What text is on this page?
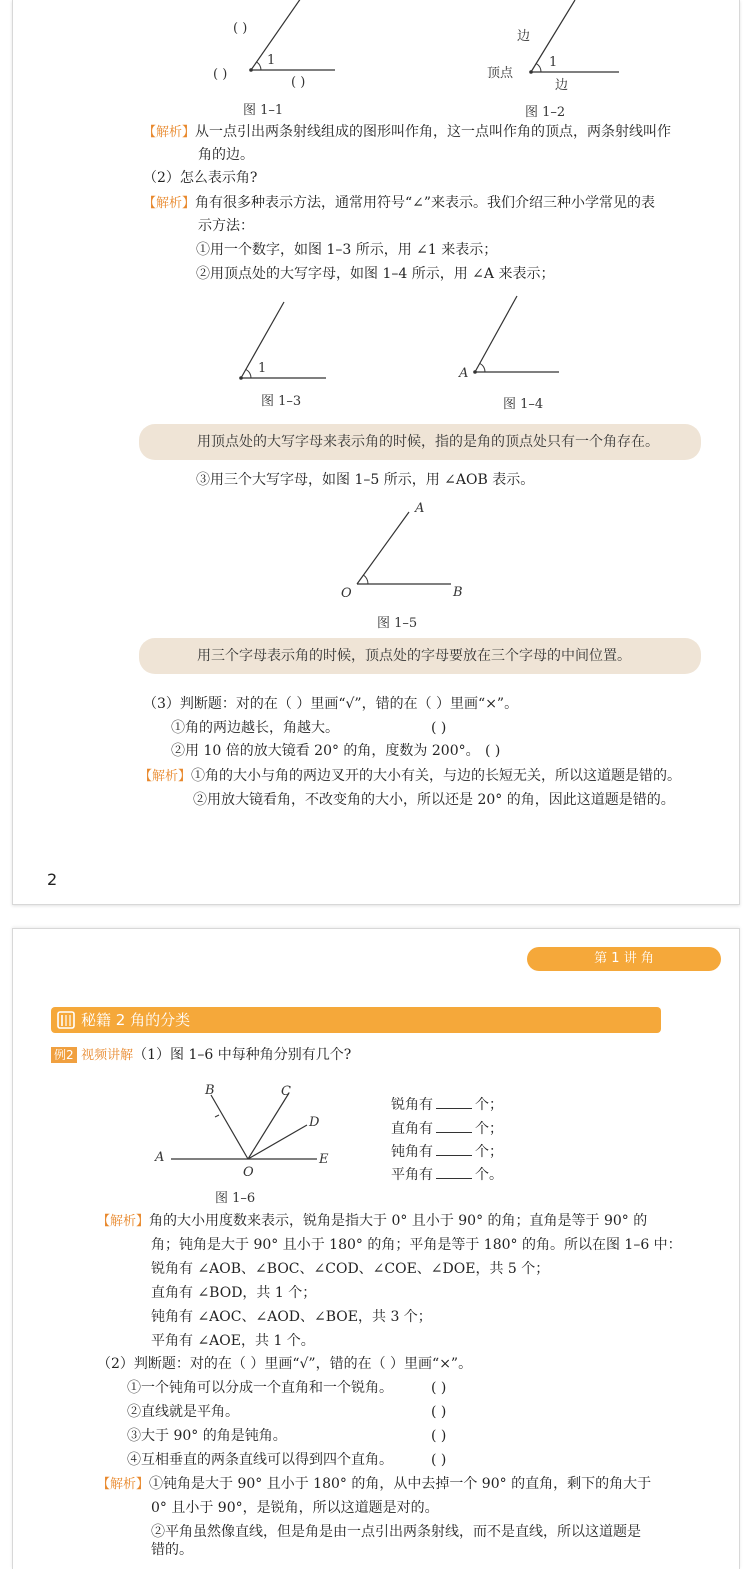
( )
( )
( )
1
图 1–1
边
顶点
1
边
图 1–2
【解析】从一点引出两条射线组成的图形叫作角，这一点叫作角的顶点，两条射线叫作
角的边。
（2）怎么表示角?
【解析】角有很多种表示方法，通常用符号“∠”来表示。我们介绍三种小学常见的表
示方法：
①用一个数字，如图 1–3 所示，用 ∠1 来表示；
②用顶点处的大写字母，如图 1–4 所示，用 ∠A 来表示；
1
图 1–3
A
图 1–4
用顶点处的大写字母来表示角的时候，指的是角的顶点处只有一个角存在。
③用三个大写字母，如图 1–5 所示，用 ∠AOB 表示。
A
O	B
图 1–5
用三个字母表示角的时候，顶点处的字母要放在三个字母的中间位置。
（3）判断题：对的在（ ）里画“√”，错的在（ ）里画“×”。
①角的两边越长，角越大。	( )
②用 10 倍的放大镜看 20° 的角，度数为 200°。 ( )
【解析】①角的大小与角的两边叉开的大小有关，与边的长短无关，所以这道题是错的。
②用放大镜看角，不改变角的大小，所以还是 20° 的角，因此这道题是错的。
2
第 1 讲 角
秘籍 2 角的分类
例2 视频讲解（1）图 1–6 中每种角分别有几个?
A
B	C
D
E
O
图 1–6
锐角有	个；
直角有	个；
钝角有	个；
平角有	个。
【解析】角的大小用度数来表示，锐角是指大于 0° 且小于 90° 的角；直角是等于 90° 的
角；钝角是大于 90° 且小于 180° 的角；平角是等于 180° 的角。所以在图 1–6 中：
锐角有 ∠AOB、∠BOC、∠COD、∠COE、∠DOE，共 5 个；
直角有 ∠BOD，共 1 个；
钝角有 ∠AOC、∠AOD、∠BOE，共 3 个；
平角有 ∠AOE，共 1 个。
（2）判断题：对的在（ ）里画“√”，错的在（ ）里画“×”。
①一个钝角可以分成一个直角和一个锐角。	( )
②直线就是平角。	( )
③大于 90° 的角是钝角。	( )
④互相垂直的两条直线可以得到四个直角。	( )
【解析】①钝角是大于 90° 且小于 180° 的角，从中去掉一个 90° 的直角，剩下的角大于
0° 且小于 90°，是锐角，所以这道题是对的。
②平角虽然像直线，但是角是由一点引出两条射线，而不是直线，所以这道题是
错的。
